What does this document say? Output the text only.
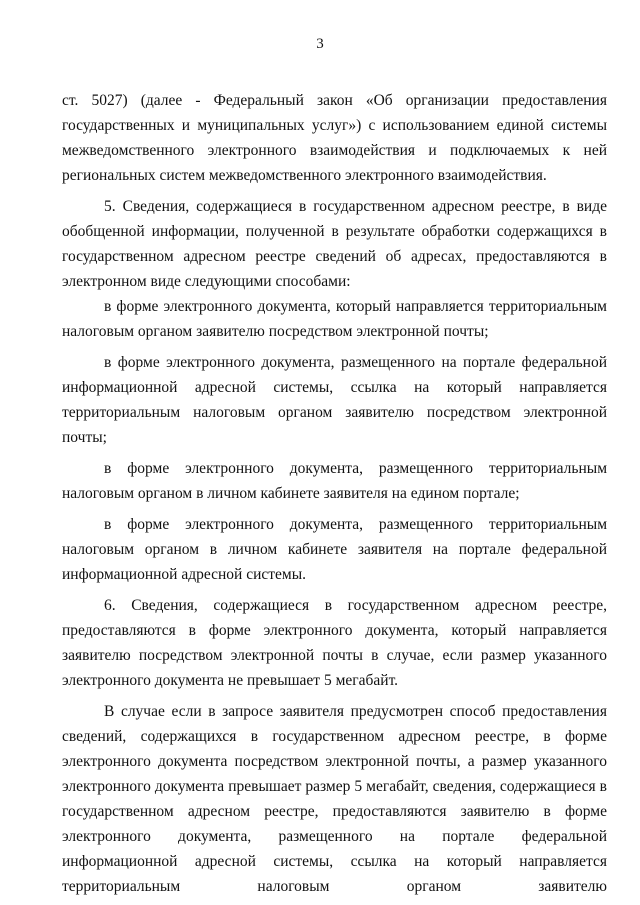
3

ст. 5027) (далее - Федеральный закон «Об организации предоставления государственных и муниципальных услуг») с использованием единой системы межведомственного электронного взаимодействия и подключаемых к ней региональных систем межведомственного электронного взаимодействия.

5. Сведения, содержащиеся в государственном адресном реестре, в виде обобщенной информации, полученной в результате обработки содержащихся в государственном адресном реестре сведений об адресах, предоставляются в электронном виде следующими способами:

в форме электронного документа, который направляется территориальным налоговым органом заявителю посредством электронной почты;

в форме электронного документа, размещенного на портале федеральной информационной адресной системы, ссылка на который направляется территориальным налоговым органом заявителю посредством электронной почты;

в форме электронного документа, размещенного территориальным налоговым органом в личном кабинете заявителя на едином портале;

в форме электронного документа, размещенного территориальным налоговым органом в личном кабинете заявителя на портале федеральной информационной адресной системы.

6. Сведения, содержащиеся в государственном адресном реестре, предоставляются в форме электронного документа, который направляется заявителю посредством электронной почты в случае, если размер указанного электронного документа не превышает 5 мегабайт.

В случае если в запросе заявителя предусмотрен способ предоставления сведений, содержащихся в государственном адресном реестре, в форме электронного документа посредством электронной почты, а размер указанного электронного документа превышает размер 5 мегабайт, сведения, содержащиеся в государственном адресном реестре, предоставляются заявителю в форме электронного документа, размещенного на портале федеральной информационной адресной системы, ссылка на который направляется территориальным налоговым органом заявителю
